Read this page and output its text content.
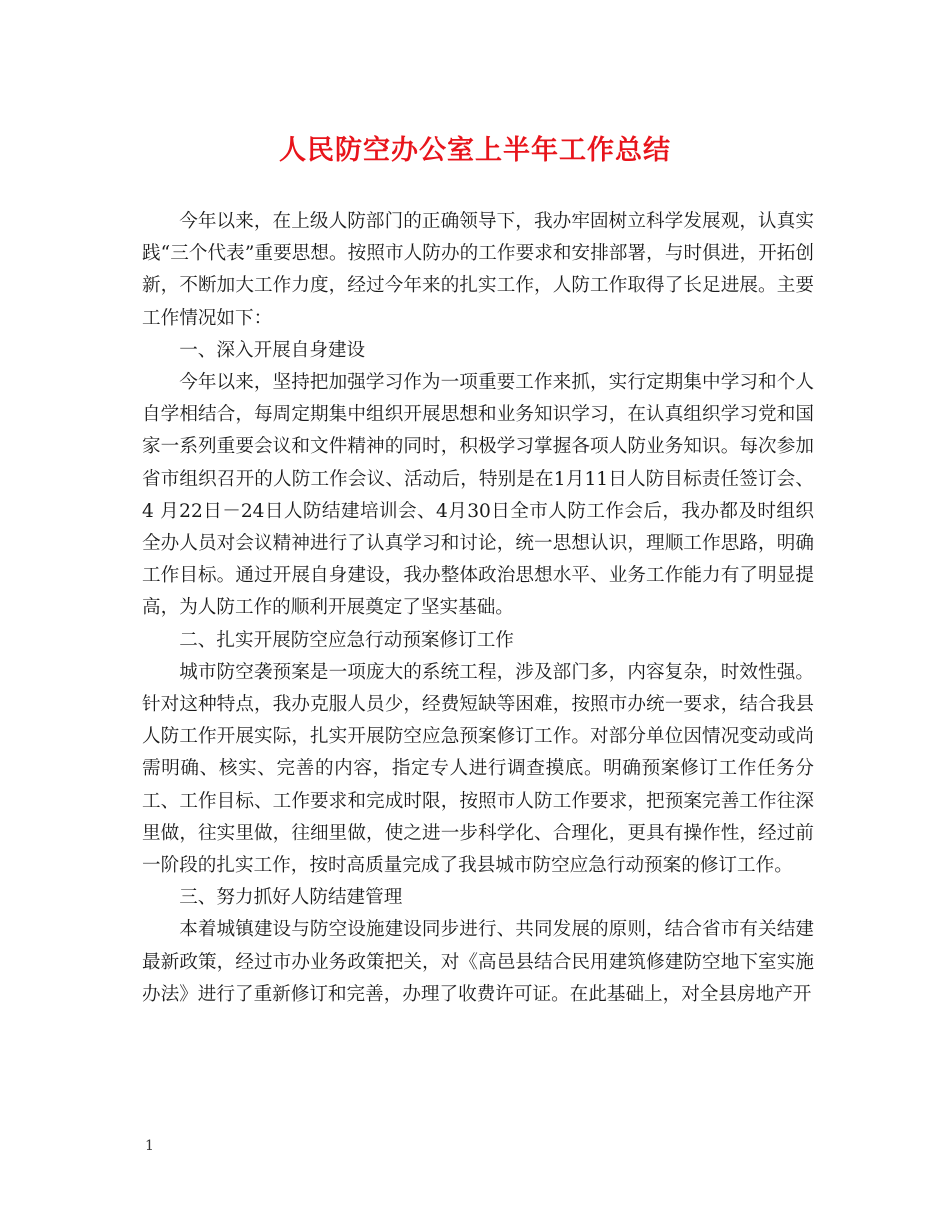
人民防空办公室上半年工作总结

今年以来，在上级人防部门的正确领导下，我办牢固树立科学发展观，认真实践“三个代表”重要思想。按照市人防办的工作要求和安排部署，与时俱进，开拓创新，不断加大工作力度，经过今年来的扎实工作，人防工作取得了长足进展。主要工作情况如下：

一、深入开展自身建设

今年以来，坚持把加强学习作为一项重要工作来抓，实行定期集中学习和个人自学相结合，每周定期集中组织开展思想和业务知识学习，在认真组织学习党和国家一系列重要会议和文件精神的同时，积极学习掌握各项人防业务知识。每次参加省市组织召开的人防工作会议、活动后，特别是在1月11日人防目标责任签订会、4 月22日－24日人防结建培训会、4月30日全市人防工作会后，我办都及时组织全办人员对会议精神进行了认真学习和讨论，统一思想认识，理顺工作思路，明确工作目标。通过开展自身建设，我办整体政治思想水平、业务工作能力有了明显提高，为人防工作的顺利开展奠定了坚实基础。

二、扎实开展防空应急行动预案修订工作

城市防空袭预案是一项庞大的系统工程，涉及部门多，内容复杂，时效性强。针对这种特点，我办克服人员少，经费短缺等困难，按照市办统一要求，结合我县人防工作开展实际，扎实开展防空应急预案修订工作。对部分单位因情况变动或尚需明确、核实、完善的内容，指定专人进行调查摸底。明确预案修订工作任务分工、工作目标、工作要求和完成时限，按照市人防工作要求，把预案完善工作往深里做，往实里做，往细里做，使之进一步科学化、合理化，更具有操作性，经过前一阶段的扎实工作，按时高质量完成了我县城市防空应急行动预案的修订工作。

三、努力抓好人防结建管理

本着城镇建设与防空设施建设同步进行、共同发展的原则，结合省市有关结建最新政策，经过市办业务政策把关，对《高邑县结合民用建筑修建防空地下室实施办法》进行了重新修订和完善，办理了收费许可证。在此基础上，对全县房地产开

1
